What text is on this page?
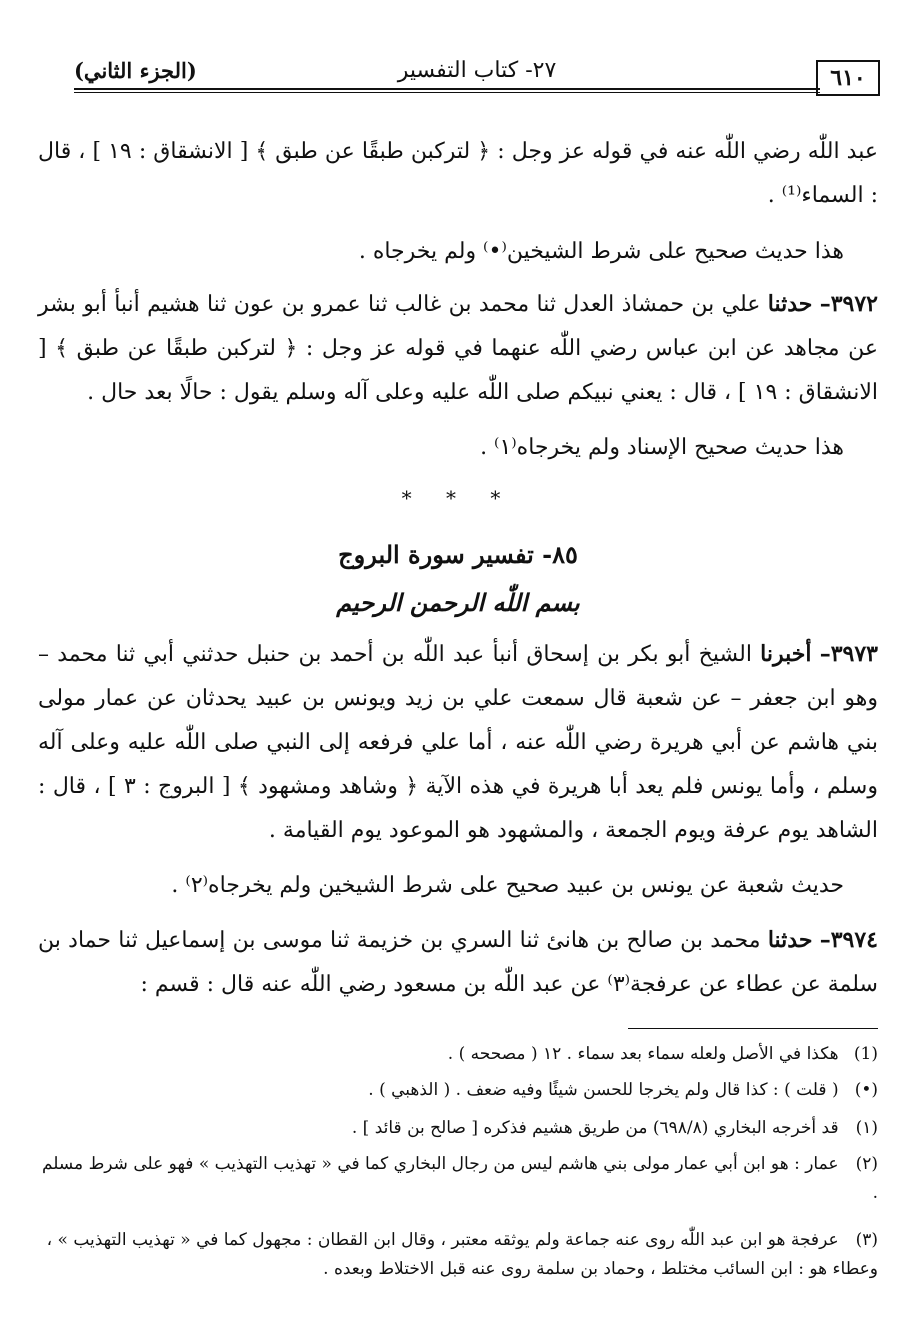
٦١٠
٢٧- كتاب التفسير
(الجزء الثاني)
عبد اللّٰه رضي اللّٰه عنه في قوله عز وجل : ﴿ لتركبن طبقًا عن طبق ﴾ [ الانشقاق : ١٩ ] ، قال : السماء⁽¹⁾ .
هذا حديث صحيح على شرط الشيخين⁽•⁾ ولم يخرجاه .
٣٩٧٢– حدثنا علي بن حمشاذ العدل ثنا محمد بن غالب ثنا عمرو بن عون ثنا هشيم أنبأ أبو بشر عن مجاهد عن ابن عباس رضي اللّٰه عنهما في قوله عز وجل : ﴿ لتركبن طبقًا عن طبق ﴾ [ الانشقاق : ١٩ ] ، قال : يعني نبيكم صلى اللّٰه عليه وعلى آله وسلم يقول : حالًا بعد حال .
هذا حديث صحيح الإسناد ولم يخرجاه⁽١⁾ .
* * *
٨٥- تفسير سورة البروج
بسم اللّٰه الرحمن الرحيم
٣٩٧٣– أخبرنا الشيخ أبو بكر بن إسحاق أنبأ عبد اللّٰه بن أحمد بن حنبل حدثني أبي ثنا محمد – وهو ابن جعفر – عن شعبة قال سمعت علي بن زيد ويونس بن عبيد يحدثان عن عمار مولى بني هاشم عن أبي هريرة رضي اللّٰه عنه ، أما علي فرفعه إلى النبي صلى اللّٰه عليه وعلى آله وسلم ، وأما يونس فلم يعد أبا هريرة في هذه الآية ﴿ وشاهد ومشهود ﴾ [ البروج : ٣ ] ، قال : الشاهد يوم عرفة ويوم الجمعة ، والمشهود هو الموعود يوم القيامة .
حديث شعبة عن يونس بن عبيد صحيح على شرط الشيخين ولم يخرجاه⁽٢⁾ .
٣٩٧٤– حدثنا محمد بن صالح بن هانئ ثنا السري بن خزيمة ثنا موسى بن إسماعيل ثنا حماد بن سلمة عن عطاء عن عرفجة⁽٣⁾ عن عبد اللّٰه بن مسعود رضي اللّٰه عنه قال : قسم :
(1) هكذا في الأصل ولعله سماء بعد سماء . ١٢ ( مصححه ) .
(•) ( قلت ) : كذا قال ولم يخرجا للحسن شيئًا وفيه ضعف . ( الذهبي ) .
(١) قد أخرجه البخاري (٦٩٨/٨) من طريق هشيم فذكره [ صالح بن قائد ] .
(٢) عمار : هو ابن أبي عمار مولى بني هاشم ليس من رجال البخاري كما في « تهذيب التهذيب » فهو على شرط مسلم .
(٣) عرفجة هو ابن عبد اللّٰه روى عنه جماعة ولم يوثقه معتبر ، وقال ابن القطان : مجهول كما في « تهذيب التهذيب » ، وعطاء هو : ابن السائب مختلط ، وحماد بن سلمة روى عنه قبل الاختلاط وبعده .
